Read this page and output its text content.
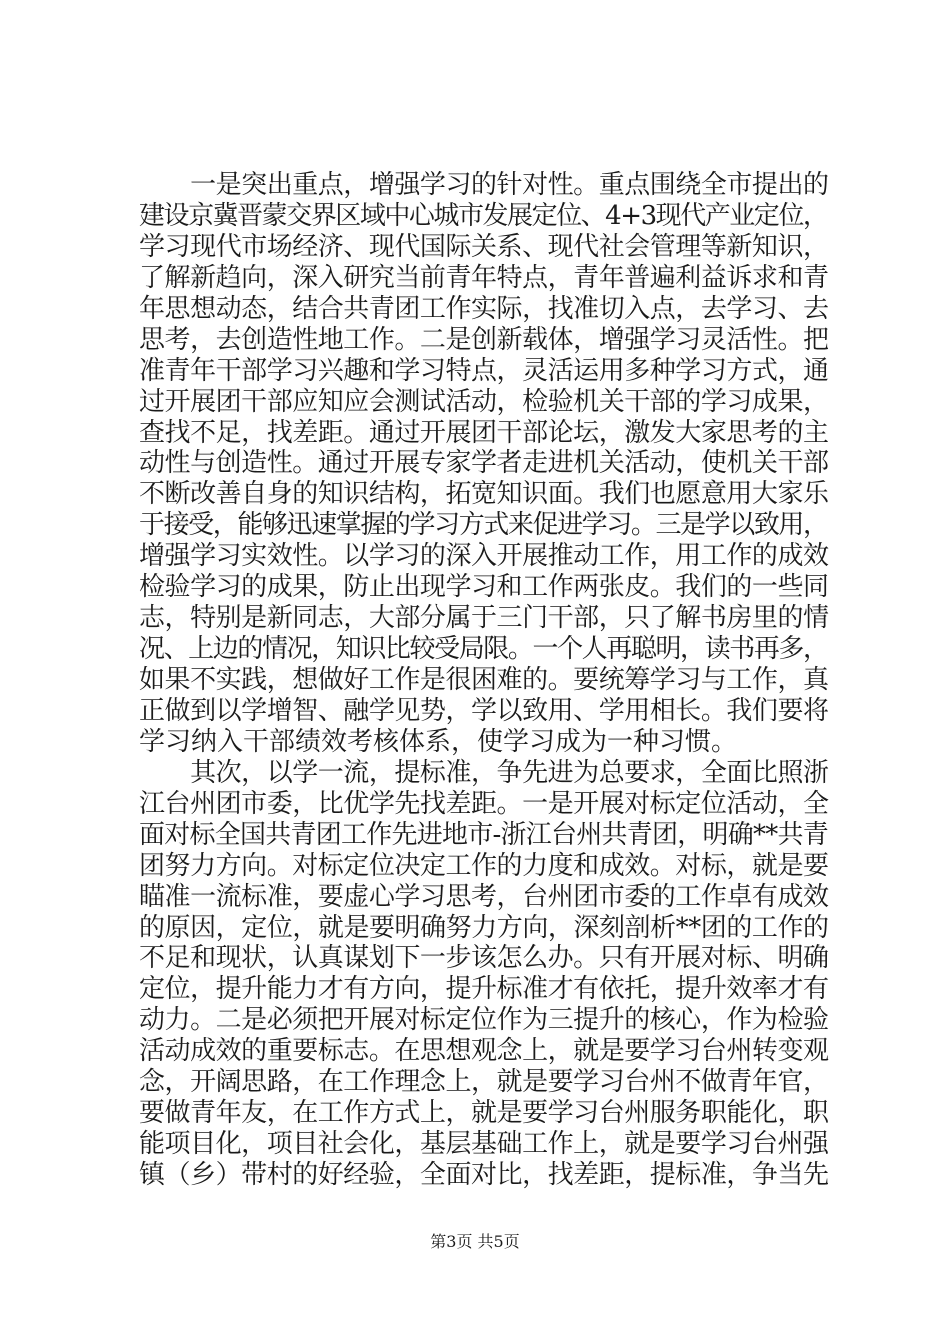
　　一是突出重点，增强学习的针对性。重点围绕全市提出的
建设京冀晋蒙交界区域中心城市发展定位、4+3现代产业定位，
学习现代市场经济、现代国际关系、现代社会管理等新知识，
了解新趋向，深入研究当前青年特点，青年普遍利益诉求和青
年思想动态，结合共青团工作实际，找准切入点，去学习、去
思考，去创造性地工作。二是创新载体，增强学习灵活性。把
准青年干部学习兴趣和学习特点，灵活运用多种学习方式，通
过开展团干部应知应会测试活动，检验机关干部的学习成果，
查找不足，找差距。通过开展团干部论坛，激发大家思考的主
动性与创造性。通过开展专家学者走进机关活动，使机关干部
不断改善自身的知识结构，拓宽知识面。我们也愿意用大家乐
于接受，能够迅速掌握的学习方式来促进学习。三是学以致用，
增强学习实效性。以学习的深入开展推动工作，用工作的成效
检验学习的成果，防止出现学习和工作两张皮。我们的一些同
志，特别是新同志，大部分属于三门干部，只了解书房里的情
况、上边的情况，知识比较受局限。一个人再聪明，读书再多，
如果不实践，想做好工作是很困难的。要统筹学习与工作，真
正做到以学增智、融学见势，学以致用、学用相长。我们要将
学习纳入干部绩效考核体系，使学习成为一种习惯。
　　其次，以学一流，提标准，争先进为总要求，全面比照浙
江台州团市委，比优学先找差距。一是开展对标定位活动，全
面对标全国共青团工作先进地市-浙江台州共青团，明确**共青
团努力方向。对标定位决定工作的力度和成效。对标，就是要
瞄准一流标准，要虚心学习思考，台州团市委的工作卓有成效
的原因，定位，就是要明确努力方向，深刻剖析**团的工作的
不足和现状，认真谋划下一步该怎么办。只有开展对标、明确
定位，提升能力才有方向，提升标准才有依托，提升效率才有
动力。二是必须把开展对标定位作为三提升的核心，作为检验
活动成效的重要标志。在思想观念上，就是要学习台州转变观
念，开阔思路，在工作理念上，就是要学习台州不做青年官，
要做青年友，在工作方式上，就是要学习台州服务职能化，职
能项目化，项目社会化，基层基础工作上，就是要学习台州强
镇（乡）带村的好经验，全面对比，找差距，提标准，争当先
第3页 共5页
